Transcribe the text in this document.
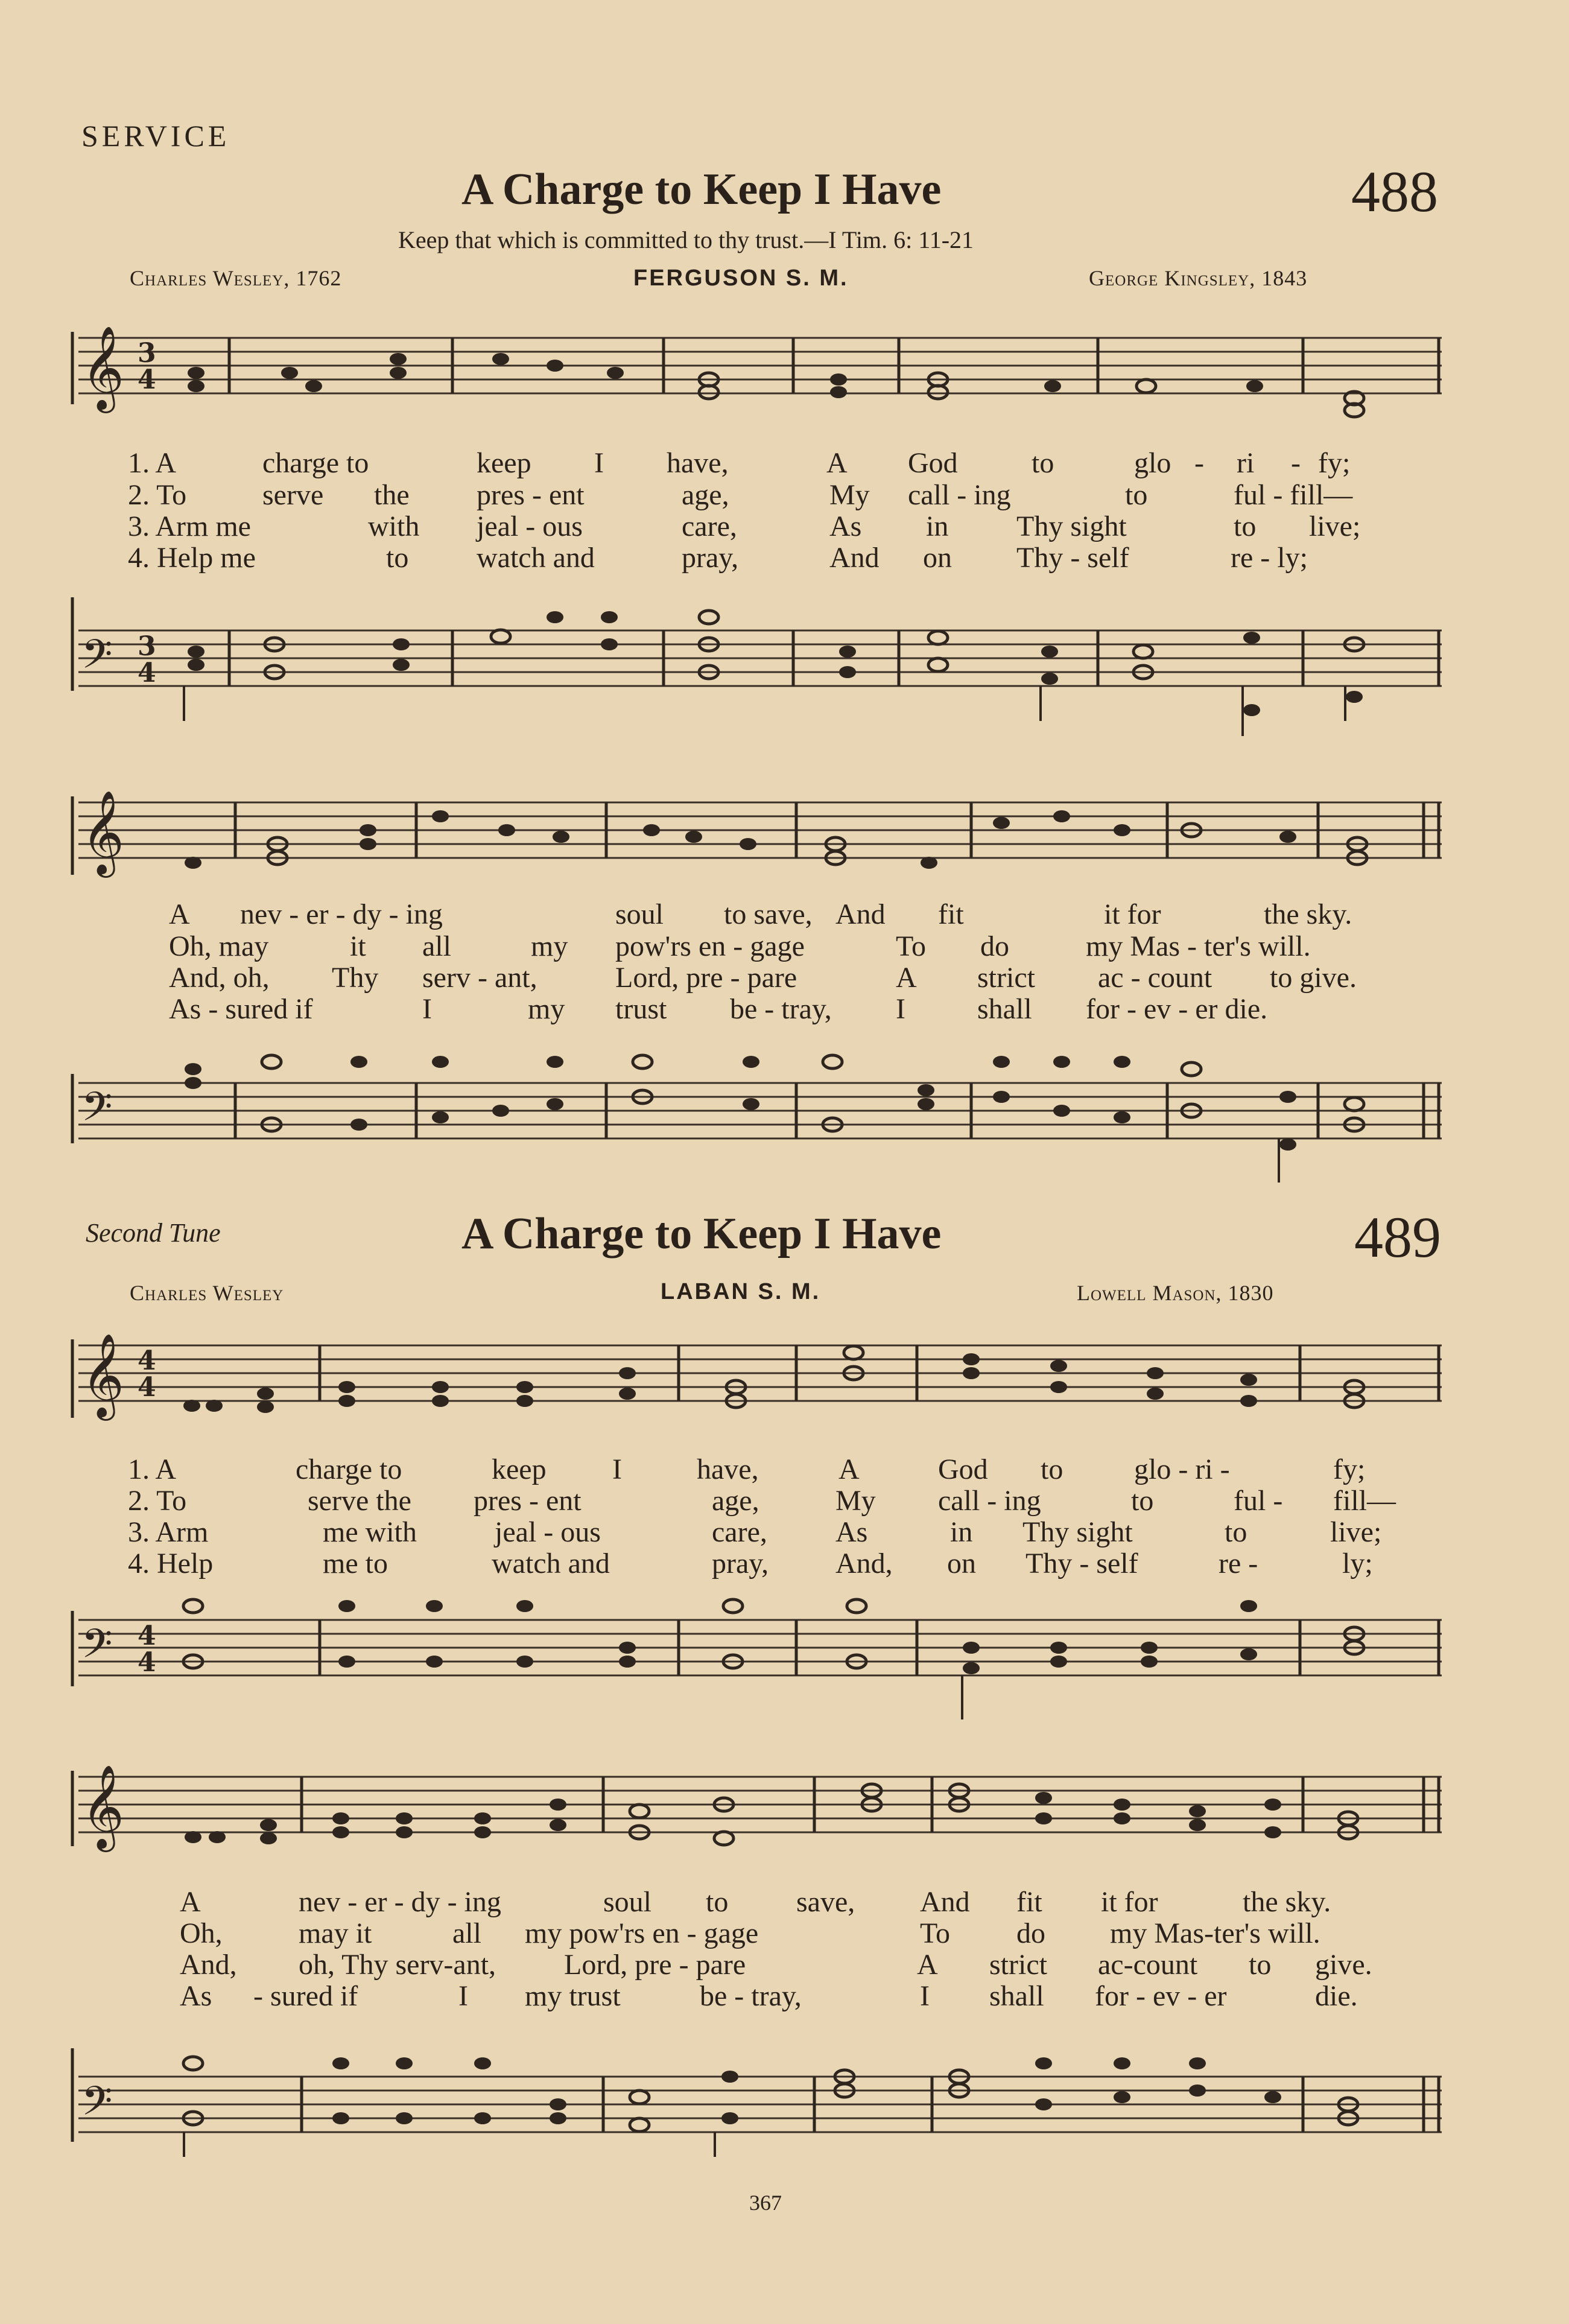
SERVICE
A Charge to Keep I Have	488
Keep that which is committed to thy trust.—I Tim. 6: 11-21
Charles Wesley, 1762	FERGUSON S. M.	George Kingsley, 1843
𝄞 3
4
1. A	charge to	keep I have,	A God	to	glo - ri - fy;
2. To	serve the pres - ent	age,	My call - ing	to	ful - fill—
3. Arm me	with jeal - ous	care,	As in Thy sight	to live;
4. Help me	to watch and	pray,	And on Thy - self	re - ly;
𝄢 3
4
𝄞
A nev - er - dy - ing	soul to save, And fit	it for	the sky.
Oh, may	it all	my pow'rs en - gage	To do	my Mas - ter's will.
And, oh, Thy serv - ant,	Lord, pre - pare	A strict ac - count to give.
As - sured if	I	my trust be - tray, I shall for - ev - er die.
𝄢
Second Tune	A Charge to Keep I Have	489
Charles Wesley	LABAN S. M.	Lowell Mason, 1830
𝄞 4
4
1. A	charge to	keep I	have,	A	God to glo - ri -	fy;
2. To	serve the pres - ent	age,	My call - ing	to	ful - fill—
3. Arm	me with	jeal - ous	care, As	in Thy sight	to	live;
4. Help	me to	watch and	pray, And, on Thy - self	re -	ly;
𝄢 4
4
𝄞
A	nev - er - dy - ing	soul to save, And fit it for	the sky.
Oh,	may it	all my pow'rs en - gage	To do my Mas-ter's will.
And, oh, Thy serv-ant, Lord, pre - pare	A strict ac-count to give.
As - sured if	I my trust	be - tray,	I shall for - ev - er	die.
𝄢
367
